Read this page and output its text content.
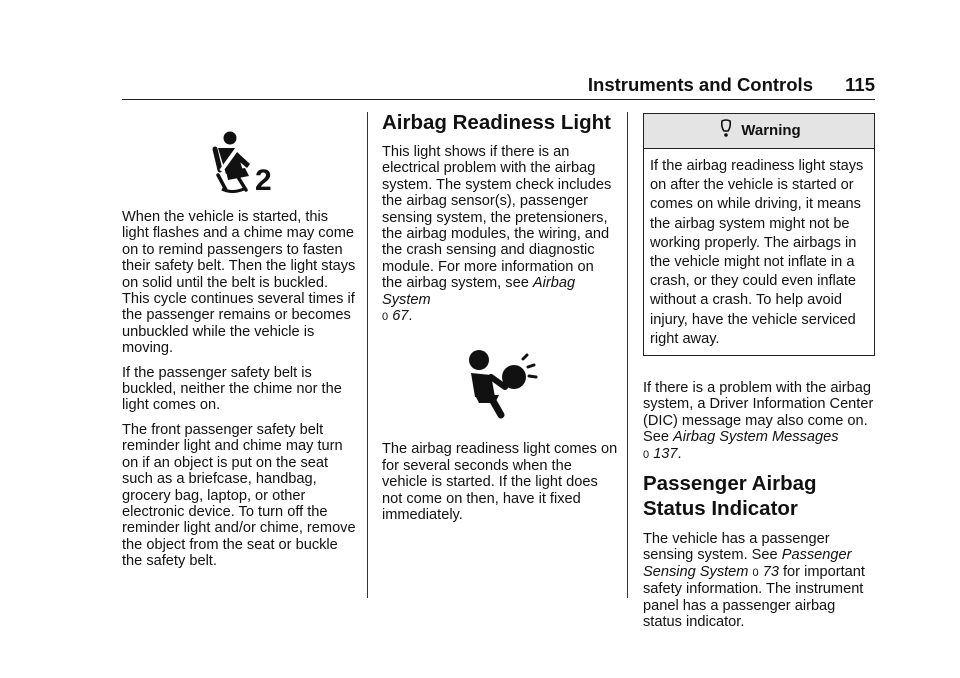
Instruments and Controls 115
2

When the vehicle is started, this light flashes and a chime may come on to remind passengers to fasten their safety belt. Then the light stays on solid until the belt is buckled. This cycle continues several times if the passenger remains or becomes unbuckled while the vehicle is moving.

If the passenger safety belt is buckled, neither the chime nor the light comes on.

The front passenger safety belt reminder light and chime may turn on if an object is put on the seat such as a briefcase, handbag, grocery bag, laptop, or other electronic device. To turn off the reminder light and/or chime, remove the object from the seat or buckle the safety belt.

Airbag Readiness Light

This light shows if there is an electrical problem with the airbag system. The system check includes the airbag sensor(s), passenger sensing system, the pretensioners, the airbag modules, the wiring, and the crash sensing and diagnostic module. For more information on the airbag system, see Airbag System
0 67.

The airbag readiness light comes on for several seconds when the vehicle is started. If the light does not come on then, have it fixed immediately.

Warning
If the airbag readiness light stays on after the vehicle is started or comes on while driving, it means the airbag system might not be working properly. The airbags in the vehicle might not inflate in a crash, or they could even inflate without a crash. To help avoid injury, have the vehicle serviced right away.

If there is a problem with the airbag system, a Driver Information Center (DIC) message may also come on. See Airbag System Messages
0 137.

Passenger Airbag Status Indicator

The vehicle has a passenger sensing system. See Passenger Sensing System 0 73 for important safety information. The instrument panel has a passenger airbag status indicator.
